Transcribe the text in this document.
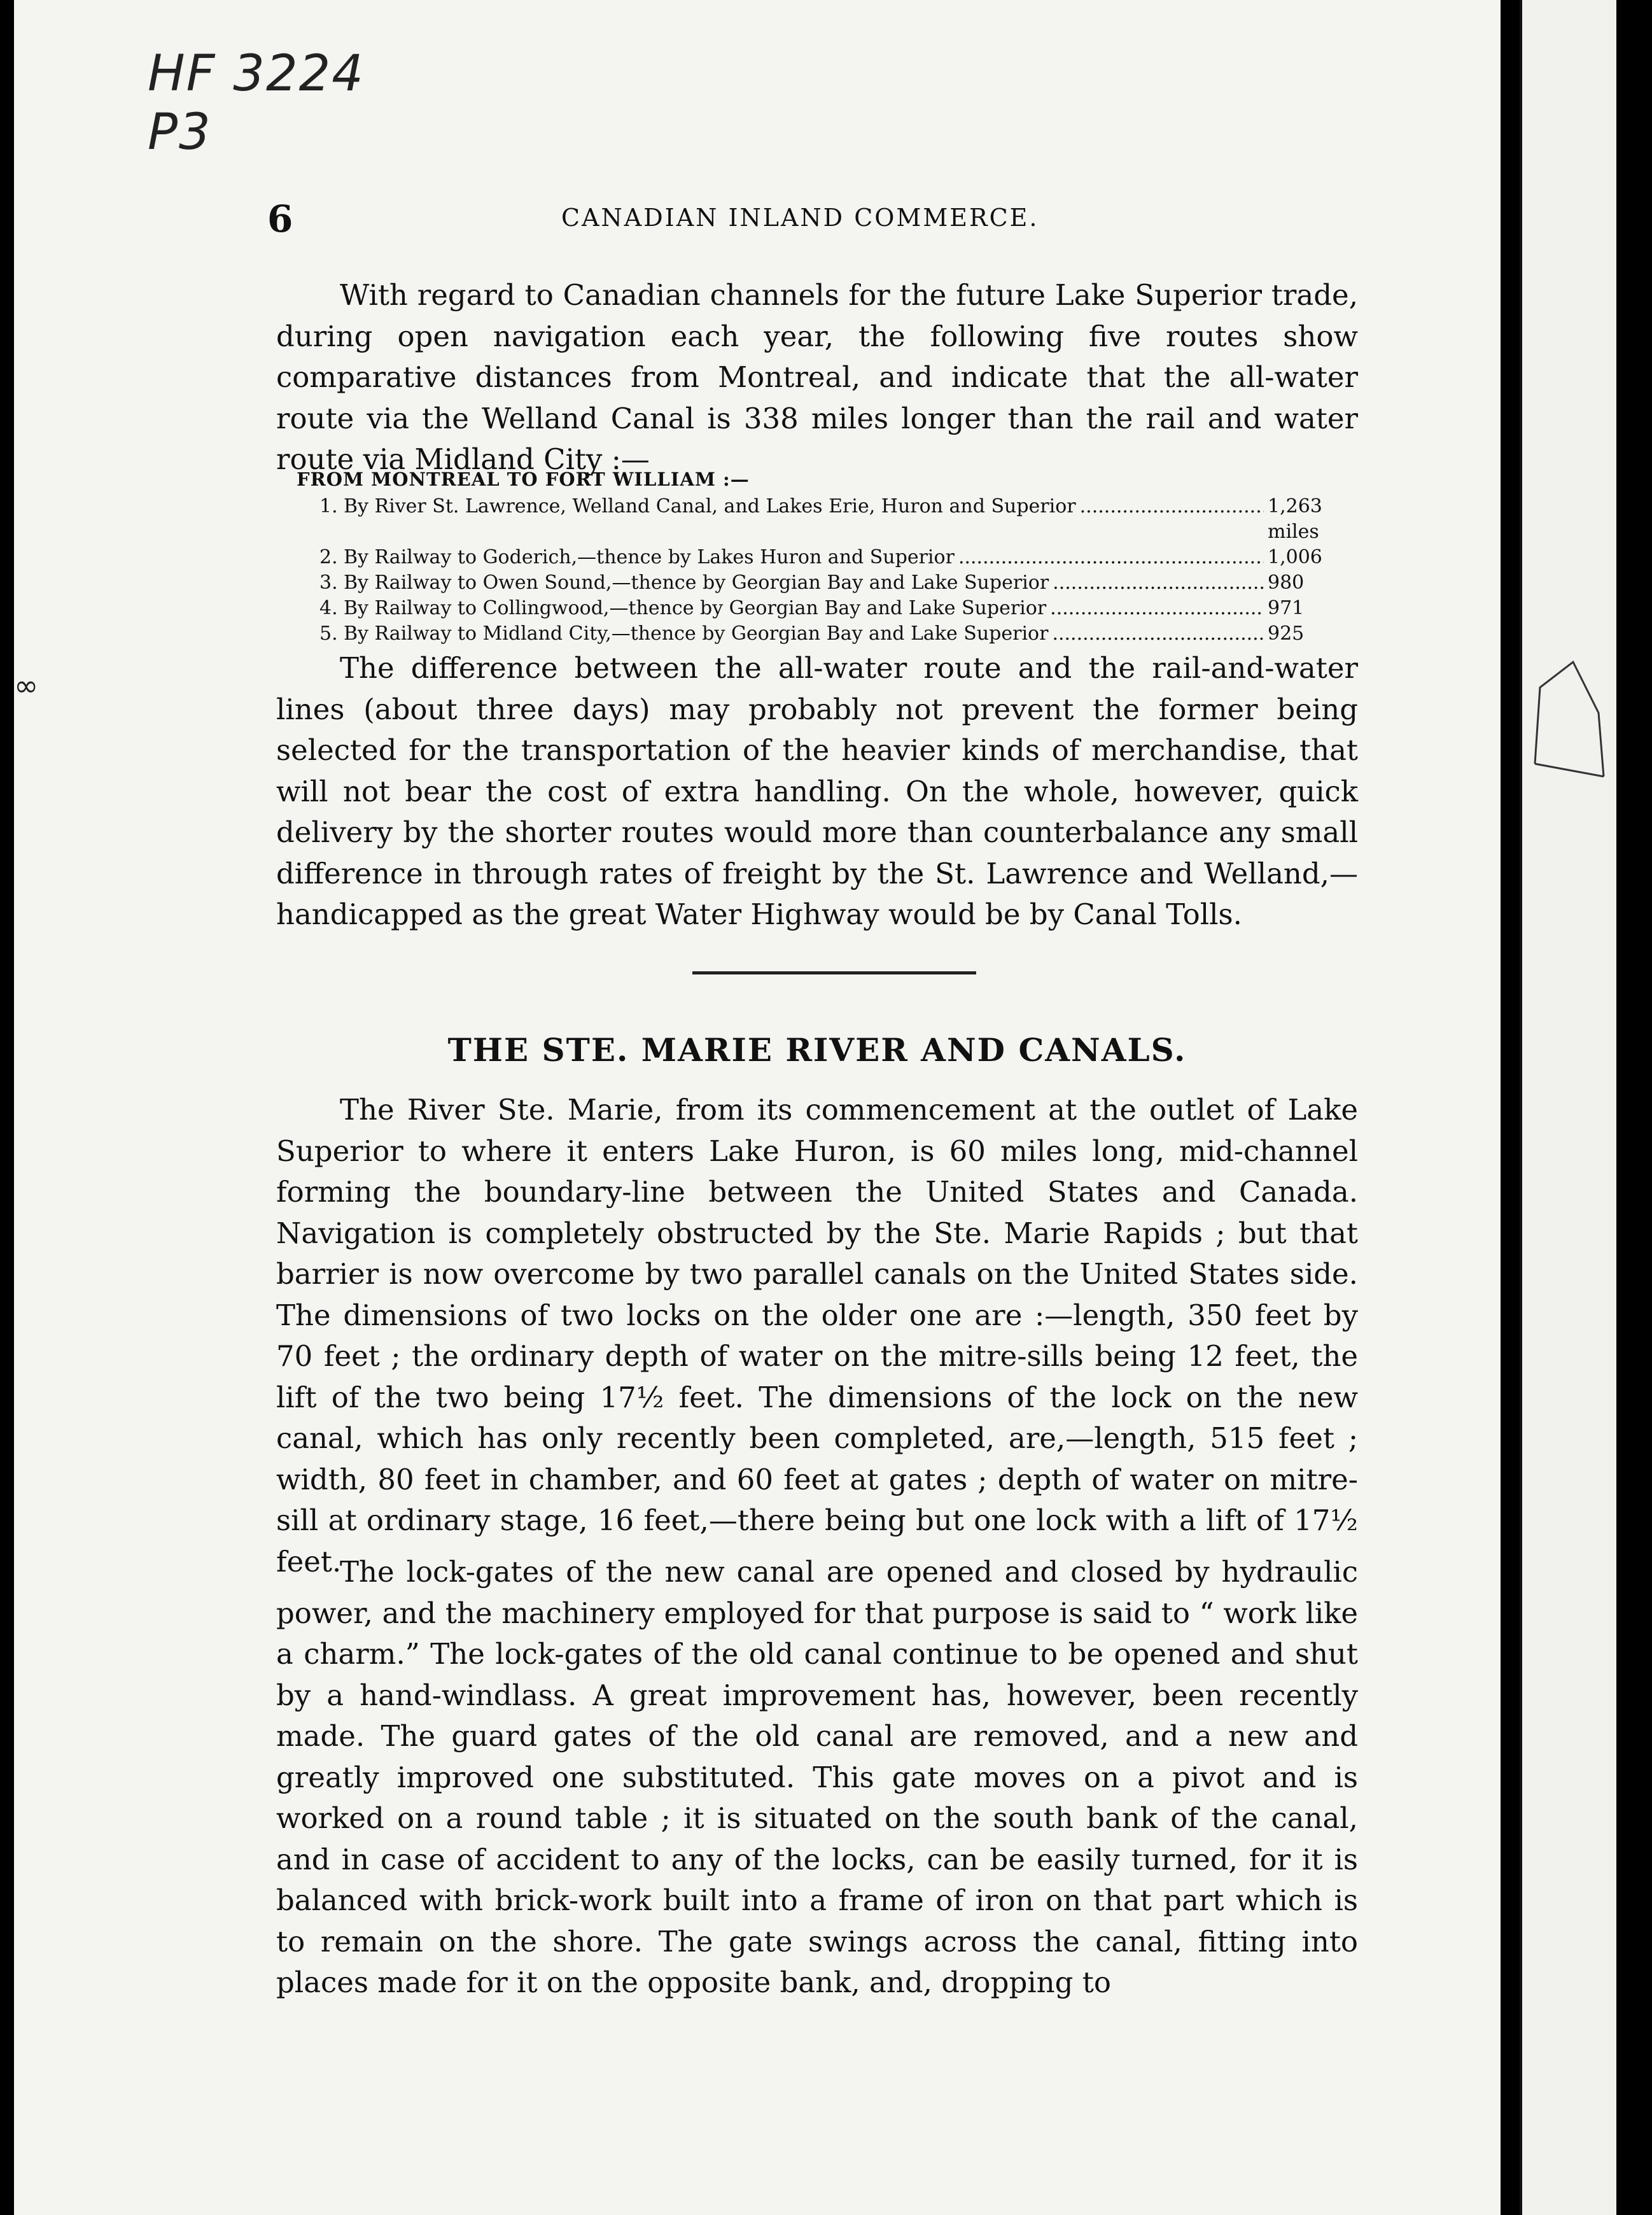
HF 3224
P3
6	CANADIAN INLAND COMMERCE.

With regard to Canadian channels for the future Lake Superior trade, during open navigation each year, the following five routes show comparative distances from Montreal, and indicate that the all-water route via the Welland Canal is 338 miles longer than the rail and water route via Midland City :—

FROM MONTREAL TO FORT WILLIAM :—
1. By River St. Lawrence, Welland Canal, and Lakes Erie, Huron and Superior .....	1,263 miles
2. By Railway to Goderich,—thence by Lakes Huron and Superior .....	1,006
3. By Railway to Owen Sound,—thence by Georgian Bay and Lake Superior .....	980
4. By Railway to Collingwood,—thence by Georgian Bay and Lake Superior .....	971
5. By Railway to Midland City,—thence by Georgian Bay and Lake Superior .....	925

The difference between the all-water route and the rail-and-water lines (about three days) may probably not prevent the former being selected for the transportation of the heavier kinds of merchandise, that will not bear the cost of extra handling. On the whole, however, quick delivery by the shorter routes would more than counterbalance any small difference in through rates of freight by the St. Lawrence and Welland,—handicapped as the great Water Highway would be by Canal Tolls.

THE STE. MARIE RIVER AND CANALS.

The River Ste. Marie, from its commencement at the outlet of Lake Superior to where it enters Lake Huron, is 60 miles long, mid-channel forming the boundary-line between the United States and Canada. Navigation is completely obstructed by the Ste. Marie Rapids ; but that barrier is now overcome by two parallel canals on the United States side. The dimensions of two locks on the older one are :—length, 350 feet by 70 feet ; the ordinary depth of water on the mitre-sills being 12 feet, the lift of the two being 17½ feet. The dimensions of the lock on the new canal, which has only recently been completed, are,—length, 515 feet ; width, 80 feet in chamber, and 60 feet at gates ; depth of water on mitre-sill at ordinary stage, 16 feet,—there being but one lock with a lift of 17½ feet.

The lock-gates of the new canal are opened and closed by hydraulic power, and the machinery employed for that purpose is said to “ work like a charm.” The lock-gates of the old canal continue to be opened and shut by a hand-windlass. A great improvement has, however, been recently made. The guard gates of the old canal are removed, and a new and greatly improved one substituted. This gate moves on a pivot and is worked on a round table ; it is situated on the south bank of the canal, and in case of accident to any of the locks, can be easily turned, for it is balanced with brick-work built into a frame of iron on that part which is to remain on the shore. The gate swings across the canal, fitting into places made for it on the opposite bank, and, dropping to

∞
